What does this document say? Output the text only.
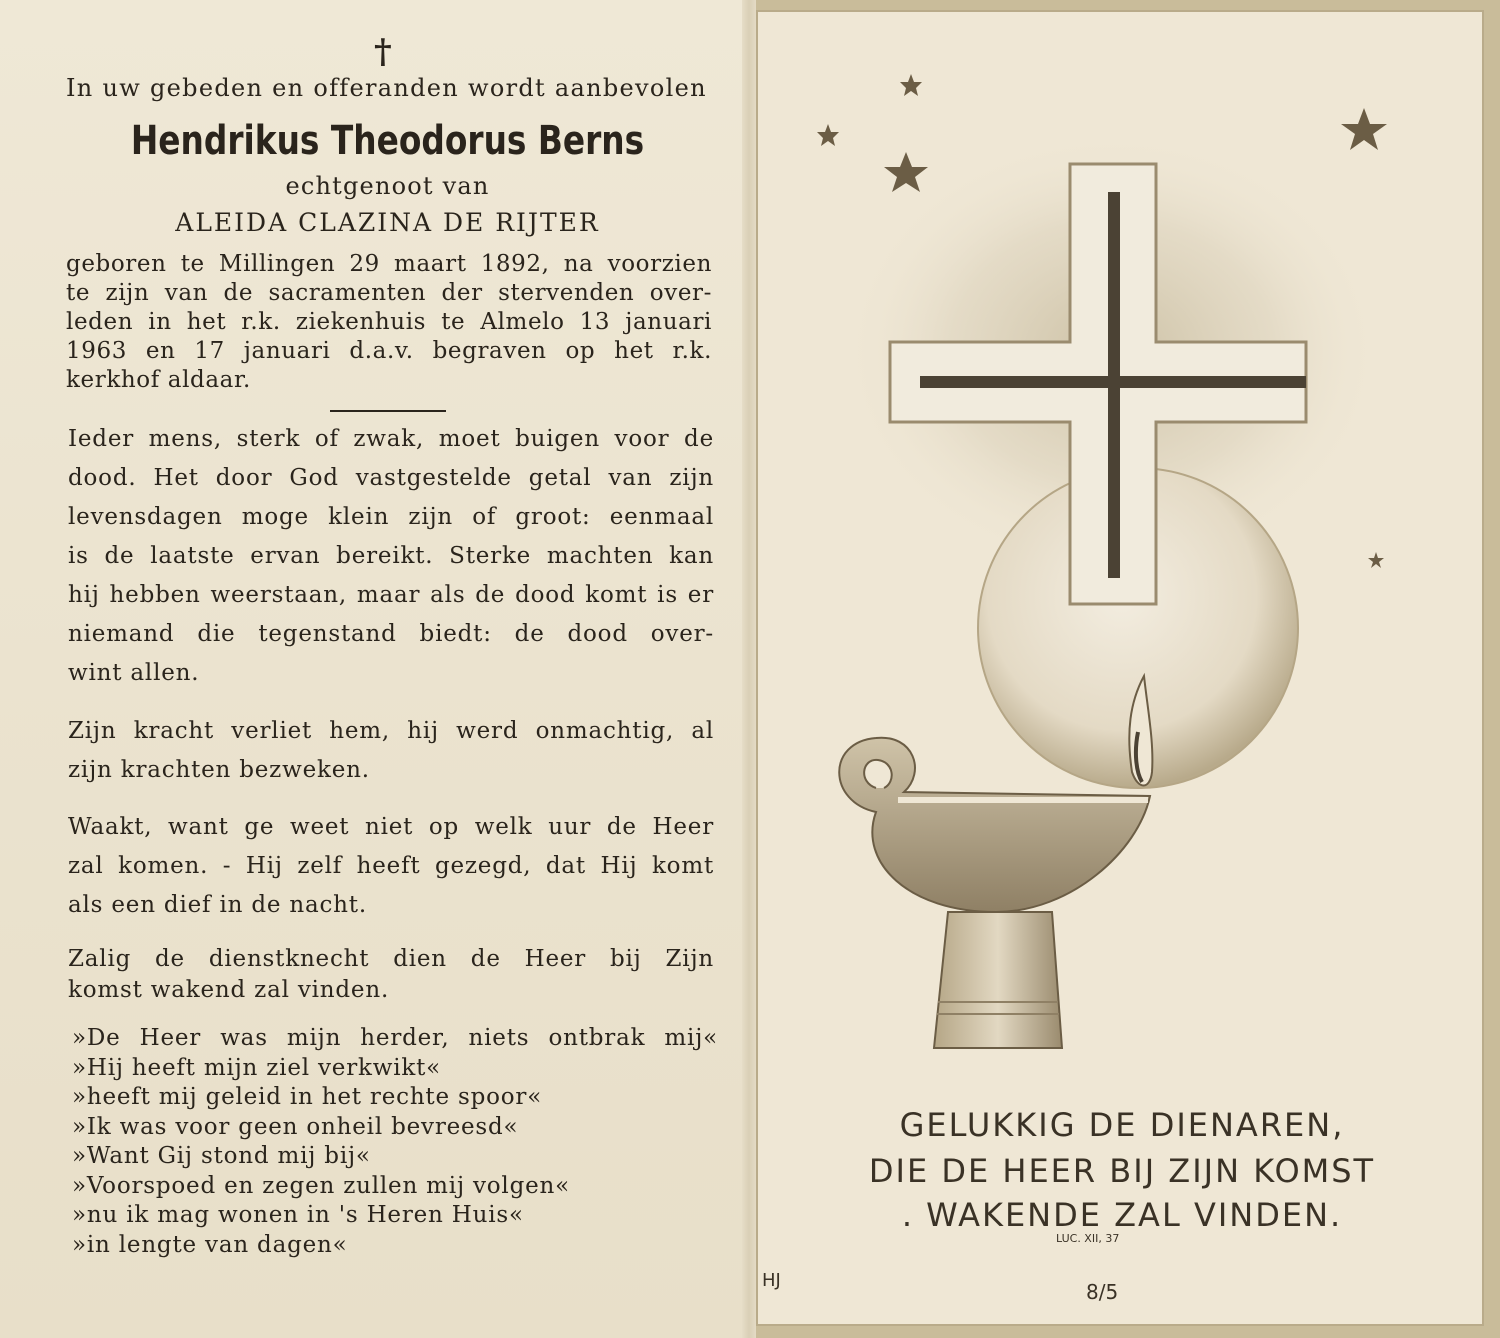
†
In uw gebeden en offeranden wordt aanbevolen
Hendrikus Theodorus Berns
echtgenoot van
ALEIDA CLAZINA DE RIJTER
geboren te Millingen 29 maart 1892, na voorzien
te zijn van de sacramenten der stervenden over-
leden in het r.k. ziekenhuis te Almelo 13 januari
1963 en 17 januari d.a.v. begraven op het r.k.
kerkhof aldaar.
Ieder mens, sterk of zwak, moet buigen voor de
dood. Het door God vastgestelde getal van zijn
levensdagen moge klein zijn of groot: eenmaal
is de laatste ervan bereikt. Sterke machten kan
hij hebben weerstaan, maar als de dood komt is er
niemand die tegenstand biedt: de dood over-
wint allen.
Zijn kracht verliet hem, hij werd onmachtig, al
zijn krachten bezweken.
Waakt, want ge weet niet op welk uur de Heer
zal komen. - Hij zelf heeft gezegd, dat Hij komt
als een dief in de nacht.
Zalig de dienstknecht dien de Heer bij Zijn
komst wakend zal vinden.
»De Heer was mijn herder, niets ontbrak mij«
»Hij heeft mijn ziel verkwikt«
»heeft mij geleid in het rechte spoor«
»Ik was voor geen onheil bevreesd«
»Want Gij stond mij bij«
»Voorspoed en zegen zullen mij volgen«
»nu ik mag wonen in 's Heren Huis«
»in lengte van dagen«
GELUKKIG DE DIENAREN,
DIE DE HEER BIJ ZIJN KOMST
. WAKENDE ZAL VINDEN.
LUC. XII, 37
HJ	8/5
